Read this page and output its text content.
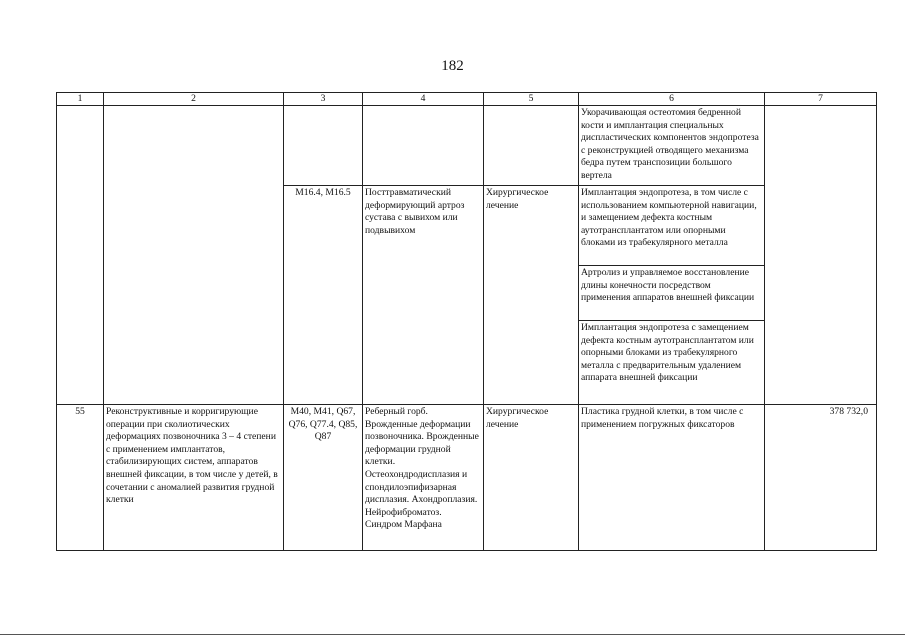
182
1	2	3	4	5	6	7
					Укорачивающая остеотомия бедренной кости и имплантация специальных диспластических компонентов эндопротеза с реконструкцией отводящего механизма бедра путем транспозиции большого вертела	
		M16.4, M16.5	Посттравматический деформирующий артроз сустава с вывихом или подвывихом	Хирургическое лечение	Имплантация эндопротеза, в том числе с использованием компьютерной навигации, и замещением дефекта костным аутотрансплантатом или опорными блоками из трабекулярного металла	
					Артролиз и управляемое восстановление длины конечности посредством применения аппаратов внешней фиксации	
					Имплантация эндопротеза с замещением дефекта костным аутотрансплантатом или опорными блоками из трабекулярного металла с предварительным удалением аппарата внешней фиксации	
55	Реконструктивные и корригирующие операции при сколиотических деформациях позвоночника 3 – 4 степени с применением имплантатов, стабилизирующих систем, аппаратов внешней фиксации, в том числе у детей, в сочетании с аномалией развития грудной клетки	M40, M41, Q67, Q76, Q77.4, Q85, Q87	Реберный горб. Врожденные деформации позвоночника. Врожденные деформации грудной клетки. Остеохондродисплазия и спондилоэпифизарная дисплазия. Ахондроплазия. Нейрофиброматоз. Синдром Марфана	Хирургическое лечение	Пластика грудной клетки, в том числе с применением погружных фиксаторов	378 732,0
